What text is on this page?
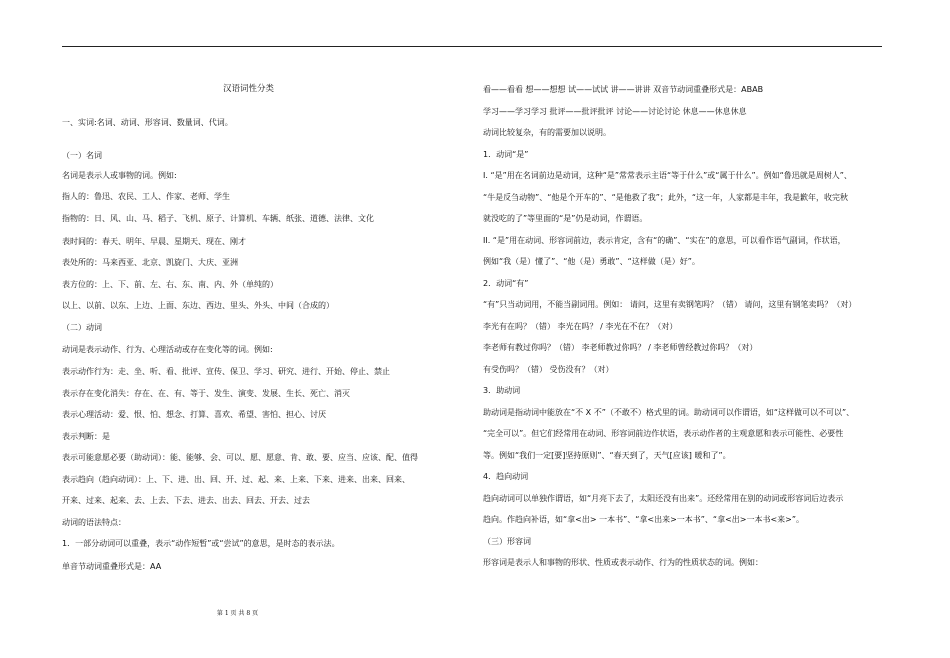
汉语词性分类

一、实词:名词、动词、形容词、数量词、代词。

（一）名词

名词是表示人或事物的词。例如:

指人的：鲁迅、农民、工人、作家、老师、学生

指物的：日、风、山、马、稻子、飞机、原子、计算机、车辆、纸张、道德、法律、文化

表时间的：春天、明年、早晨、星期天、现在、刚才

表处所的：马来西亚、北京、凯旋门、大庆、亚洲

表方位的：上、下、前、左、右、东、南、内、外（单纯的）

以上、以前、以东、上边、上面、东边、西边、里头、外头、中间（合成的）

（二）动词

动词是表示动作、行为、心理活动或存在变化等的词。例如:

表示动作行为：走、坐、听、看、批评、宣传、保卫、学习、研究、进行、开始、停止、禁止

表示存在变化消失：存在、在、有、等于、发生、演变、发展、生长、死亡、消灭

表示心理活动：爱、恨、怕、想念、打算、喜欢、希望、害怕、担心、讨厌

表示判断：是

表示可能意愿必要（助动词）：能、能够、会、可以、愿、愿意、肯、敢、要、应当、应该、配、值得

表示趋向（趋向动词）：上、下、进、出、回、开、过、起、来、上来、下来、进来、出来、回来、

开来、过来、起来、去、上去、下去、进去、出去、回去、开去、过去

动词的语法特点：

1．一部分动词可以重叠，表示“动作短暂”或“尝试”的意思，是时态的表示法。

单音节动词重叠形式是：AA

第 1 页 共 8 页

看——看看 想——想想 试——试试 讲——讲讲 双音节动词重叠形式是：ABAB

学习——学习学习 批评——批评批评 讨论——讨论讨论 休息——休息休息

动词比较复杂，有的需要加以说明。

1．动词“是”

I. “是”用在名词前边是动词，这种“是”常常表示主语“等于什么”或“属于什么”。例如“鲁迅就是周树人”、

“牛是反刍动物”、“他是个开车的”、“是他救了我”；此外，“这一年，人家都是丰年，我是歉年，收完秋

就没吃的了”等里面的“是”仍是动词，作谓语。

II. “是”用在动词、形容词前边，表示肯定，含有“的确”、“实在”的意思，可以看作语气副词，作状语，

例如“我（是）懂了”、“他（是）勇敢”、“这样做（是）好”。

2．动词“有”

“有”只当动词用，不能当副词用。例如： 请问，这里有卖钢笔吗？（错） 请问，这里有钢笔卖吗？（对）

李光有在吗？（错） 李光在吗？ / 李光在不在？（对）

李老师有教过你吗？（错） 李老师教过你吗？ / 李老师曾经教过你吗？（对）

有受伤吗？（错） 受伤没有？（对）

3．助动词

助动词是指动词中能放在“不 X 不”（不敢不）格式里的词。助动词可以作谓语，如“这样做可以不可以”、

“完全可以”。但它们经常用在动词、形容词前边作状语，表示动作者的主观意愿和表示可能性、必要性

等。例如“我们一定[要]坚持原则”、“春天到了，天气[应该] 暖和了”。

4．趋向动词

趋向动词可以单独作谓语，如“月亮下去了，太阳还没有出来”。还经常用在别的动词或形容词后边表示

趋向。作趋向补语，如“拿<出> 一本书”、“拿<出来>一本书”、“拿<出>一本书<来>”。

（三）形容词

形容词是表示人和事物的形状、性质或表示动作、行为的性质状态的词。例如：
